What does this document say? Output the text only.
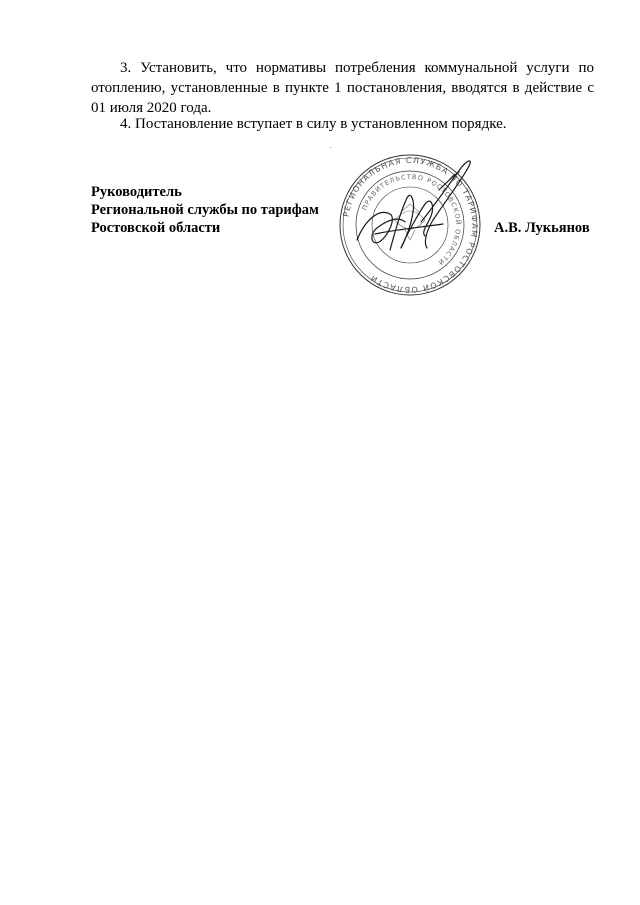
3. Установить, что нормативы потребления коммунальной услуги по отоплению, установленные в пункте 1 постановления, вводятся в действие с 01 июля 2020 года.

4. Постановление вступает в силу в установленном порядке.

Руководитель
Региональной службы по тарифам
Ростовской области	А.В. Лукьянов
РЕГИОНАЛЬНАЯ СЛУЖБА ПО ТАРИФАМ РОСТОВСКОЙ ОБЛАСТИ
ПРАВИТЕЛЬСТВО РОСТОВСКОЙ ОБЛАСТИ
